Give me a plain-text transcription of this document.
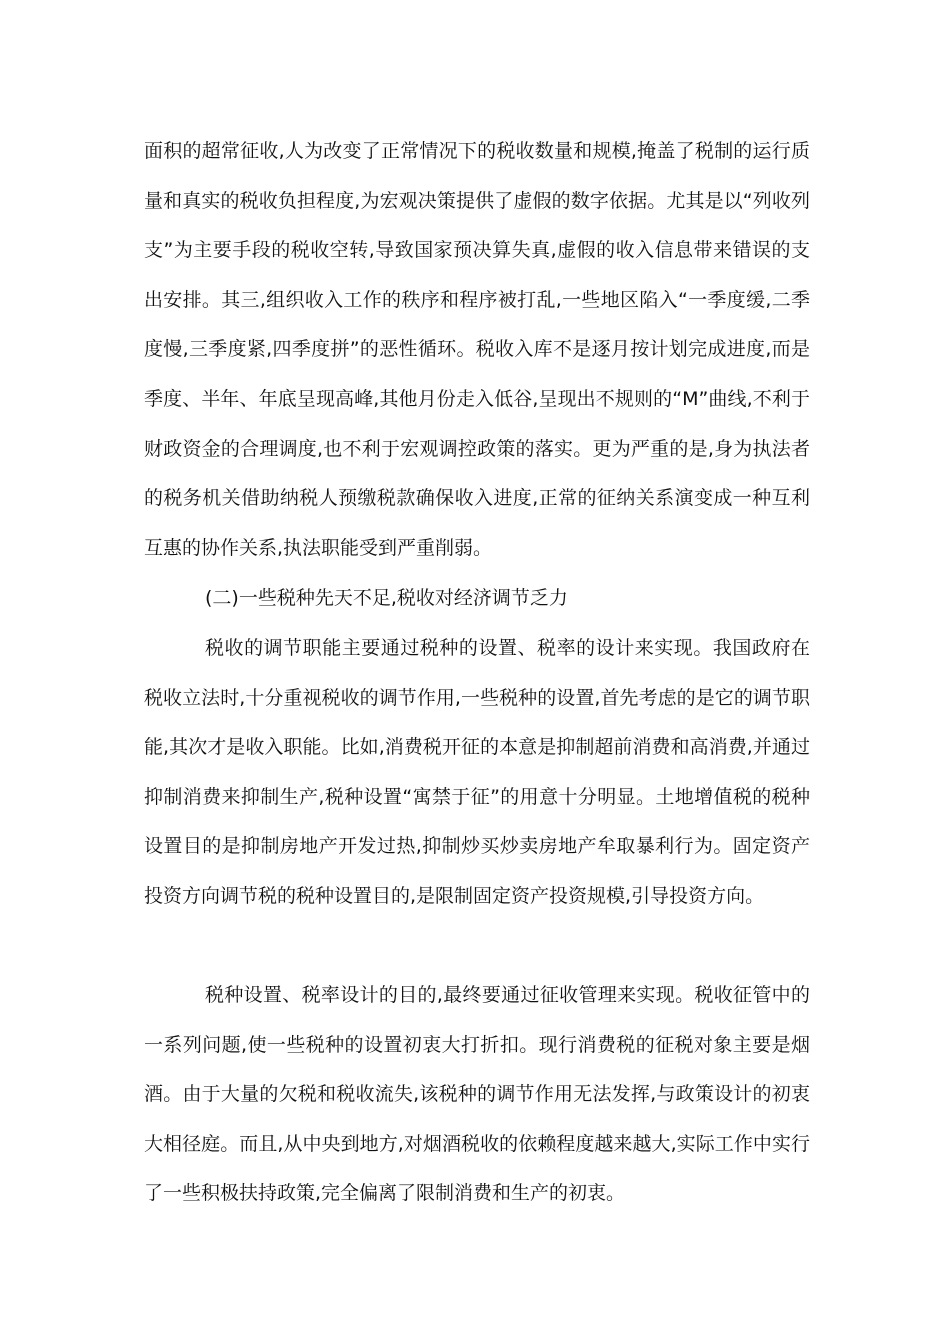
面积的超常征收,人为改变了正常情况下的税收数量和规模,掩盖了税制的运行质量和真实的税收负担程度,为宏观决策提供了虚假的数字依据。尤其是以“列收列支”为主要手段的税收空转,导致国家预决算失真,虚假的收入信息带来错误的支出安排。其三,组织收入工作的秩序和程序被打乱,一些地区陷入“一季度缓,二季度慢,三季度紧,四季度拼”的恶性循环。税收入库不是逐月按计划完成进度,而是季度、半年、年底呈现高峰,其他月份走入低谷,呈现出不规则的“M”曲线,不利于财政资金的合理调度,也不利于宏观调控政策的落实。更为严重的是,身为执法者的税务机关借助纳税人预缴税款确保收入进度,正常的征纳关系演变成一种互利互惠的协作关系,执法职能受到严重削弱。
(二)一些税种先天不足,税收对经济调节乏力
税收的调节职能主要通过税种的设置、税率的设计来实现。我国政府在税收立法时,十分重视税收的调节作用,一些税种的设置,首先考虑的是它的调节职能,其次才是收入职能。比如,消费税开征的本意是抑制超前消费和高消费,并通过抑制消费来抑制生产,税种设置“寓禁于征”的用意十分明显。土地增值税的税种设置目的是抑制房地产开发过热,抑制炒买炒卖房地产牟取暴利行为。固定资产投资方向调节税的税种设置目的,是限制固定资产投资规模,引导投资方向。
税种设置、税率设计的目的,最终要通过征收管理来实现。税收征管中的一系列问题,使一些税种的设置初衷大打折扣。现行消费税的征税对象主要是烟酒。由于大量的欠税和税收流失,该税种的调节作用无法发挥,与政策设计的初衷大相径庭。而且,从中央到地方,对烟酒税收的依赖程度越来越大,实际工作中实行了一些积极扶持政策,完全偏离了限制消费和生产的初衷。
